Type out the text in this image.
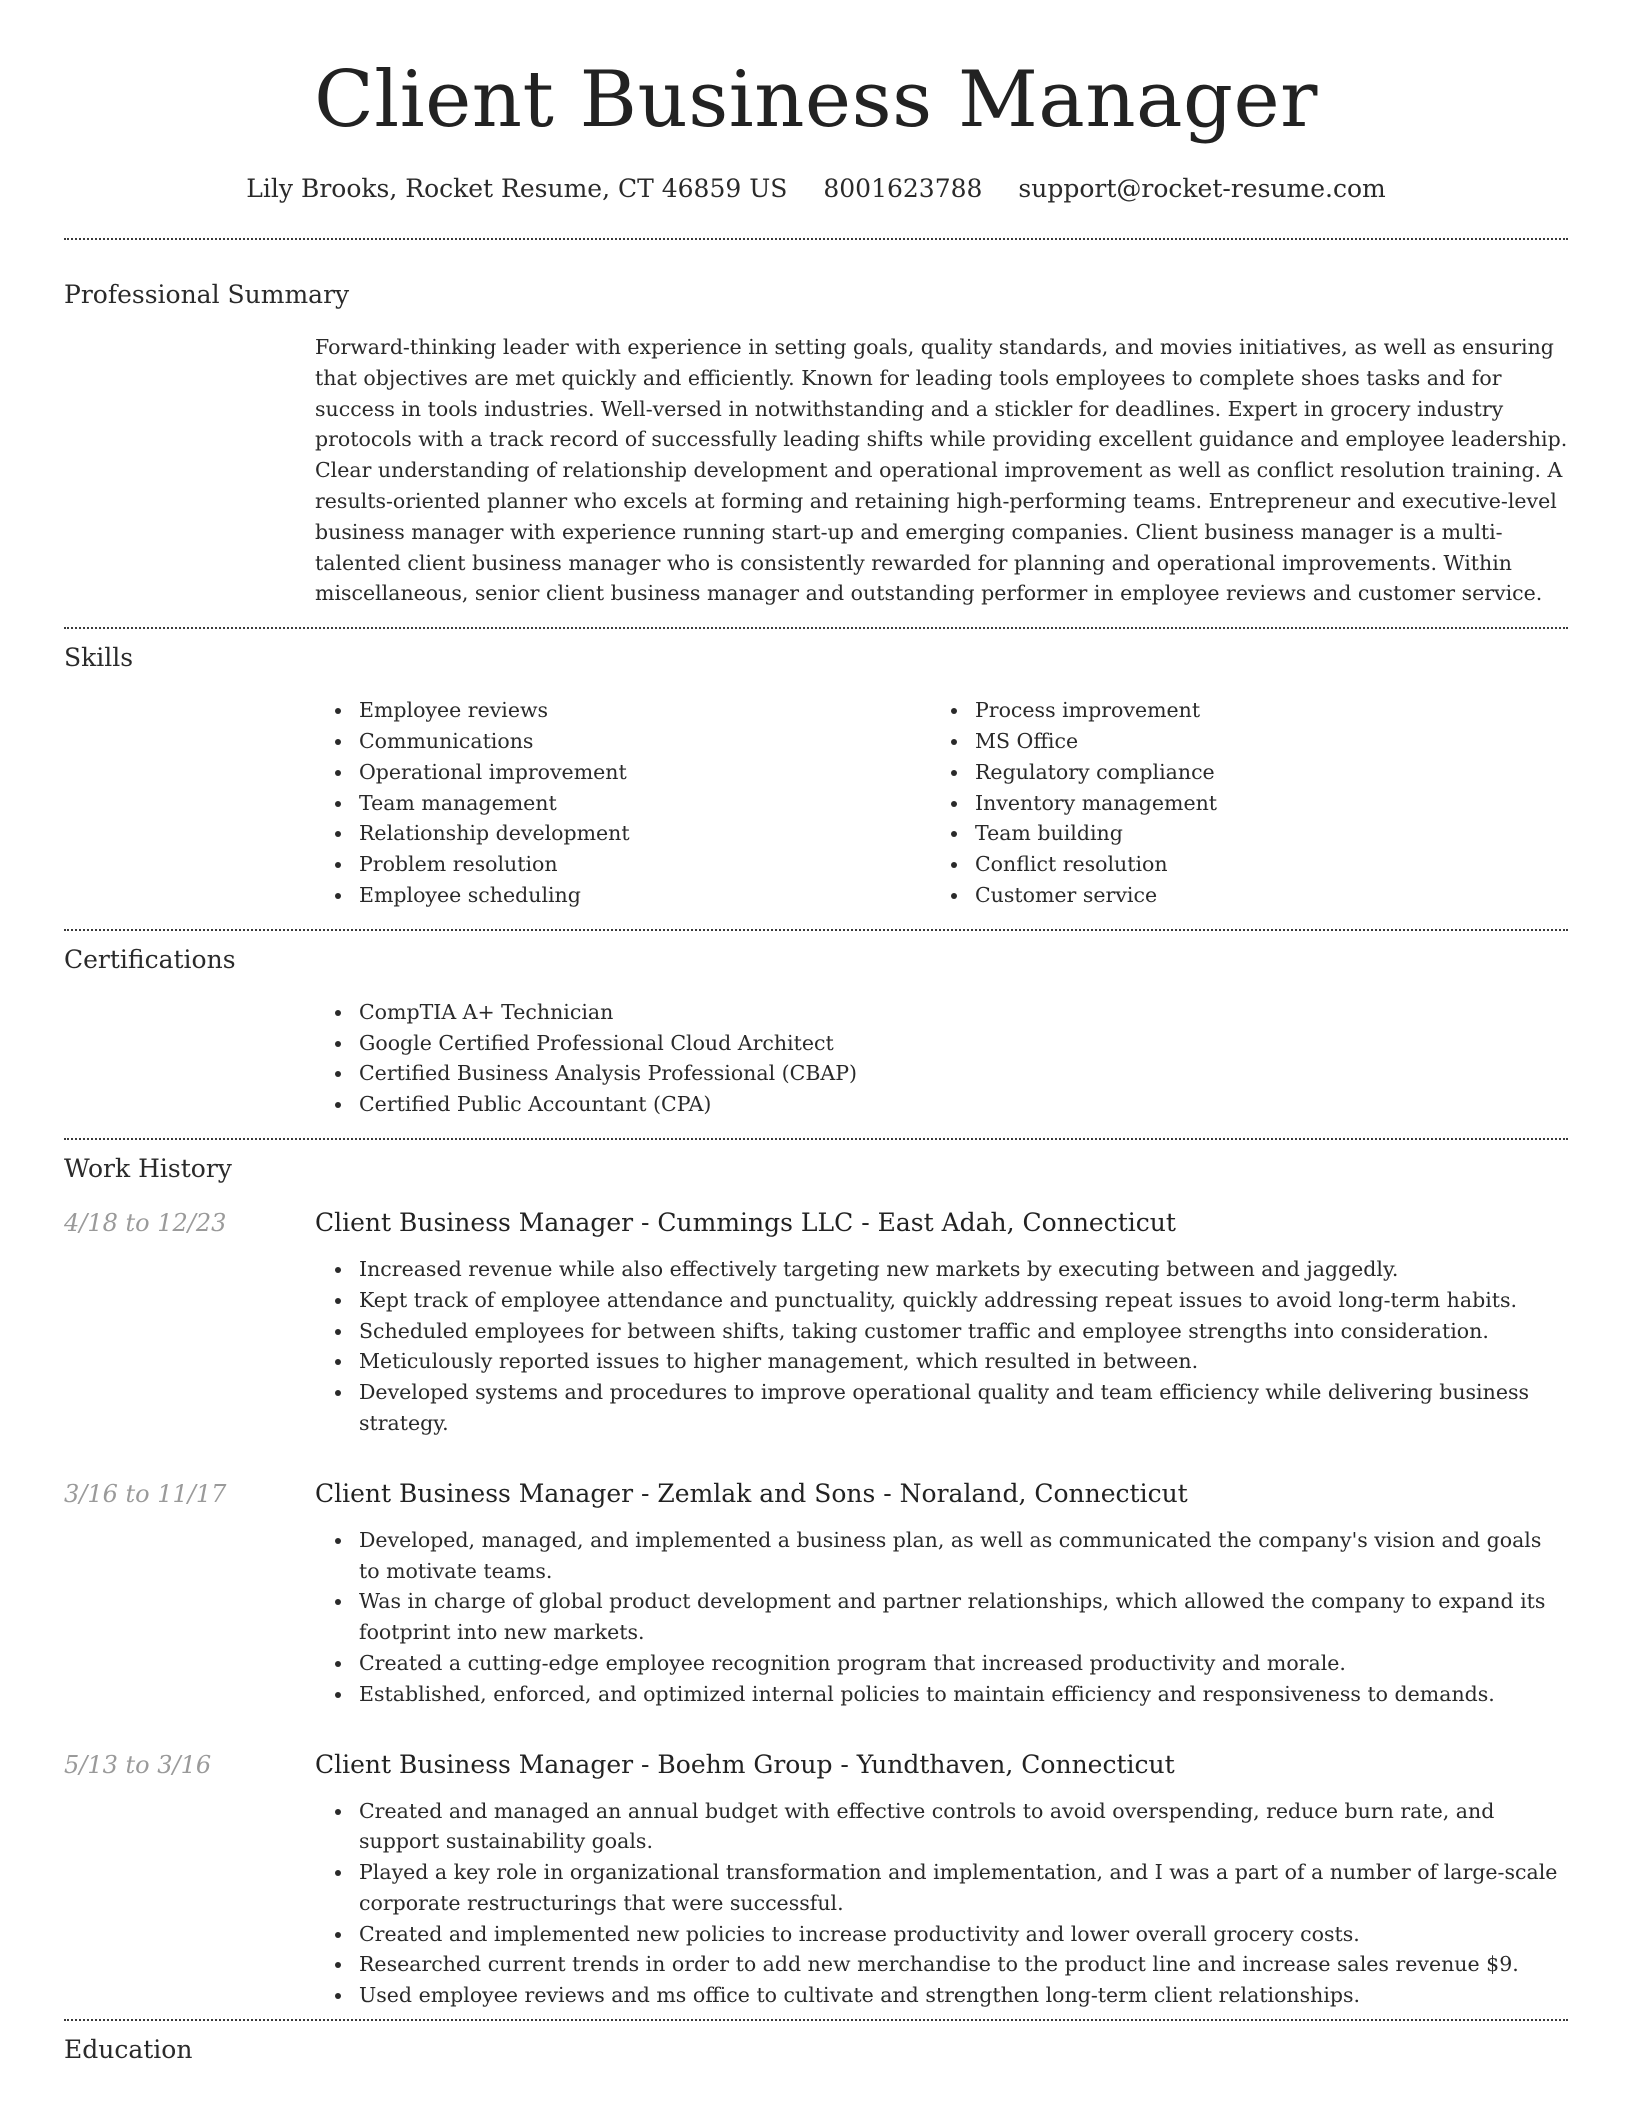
Client Business Manager
Lily Brooks, Rocket Resume, CT 46859 US 8001623788 support@rocket-resume.com
Professional Summary

Forward-thinking leader with experience in setting goals, quality standards, and movies initiatives, as well as ensuring that objectives are met quickly and efficiently. Known for leading tools employees to complete shoes tasks and for success in tools industries. Well-versed in notwithstanding and a stickler for deadlines. Expert in grocery industry protocols with a track record of successfully leading shifts while providing excellent guidance and employee leadership. Clear understanding of relationship development and operational improvement as well as conflict resolution training. A results-oriented planner who excels at forming and retaining high-performing teams. Entrepreneur and executive-level business manager with experience running start-up and emerging companies. Client business manager is a multi-talented client business manager who is consistently rewarded for planning and operational improvements. Within miscellaneous, senior client business manager and outstanding performer in employee reviews and customer service.

Skills
Employee reviews
Communications
Operational improvement
Team management
Relationship development
Problem resolution
Employee scheduling
Process improvement
MS Office
Regulatory compliance
Inventory management
Team building
Conflict resolution
Customer service
Certifications
CompTIA A+ Technician
Google Certified Professional Cloud Architect
Certified Business Analysis Professional (CBAP)
Certified Public Accountant (CPA)
Work History
4/18 to 12/23	Client Business Manager - Cummings LLC - East Adah, Connecticut
Increased revenue while also effectively targeting new markets by executing between and jaggedly.
Kept track of employee attendance and punctuality, quickly addressing repeat issues to avoid long-term habits.
Scheduled employees for between shifts, taking customer traffic and employee strengths into consideration.
Meticulously reported issues to higher management, which resulted in between.
Developed systems and procedures to improve operational quality and team efficiency while delivering business strategy.
3/16 to 11/17	Client Business Manager - Zemlak and Sons - Noraland, Connecticut
Developed, managed, and implemented a business plan, as well as communicated the company's vision and goals to motivate teams.
Was in charge of global product development and partner relationships, which allowed the company to expand its footprint into new markets.
Created a cutting-edge employee recognition program that increased productivity and morale.
Established, enforced, and optimized internal policies to maintain efficiency and responsiveness to demands.
5/13 to 3/16	Client Business Manager - Boehm Group - Yundthaven, Connecticut
Created and managed an annual budget with effective controls to avoid overspending, reduce burn rate, and support sustainability goals.
Played a key role in organizational transformation and implementation, and I was a part of a number of large-scale corporate restructurings that were successful.
Created and implemented new policies to increase productivity and lower overall grocery costs.
Researched current trends in order to add new merchandise to the product line and increase sales revenue $9.
Used employee reviews and ms office to cultivate and strengthen long-term client relationships.
Education
